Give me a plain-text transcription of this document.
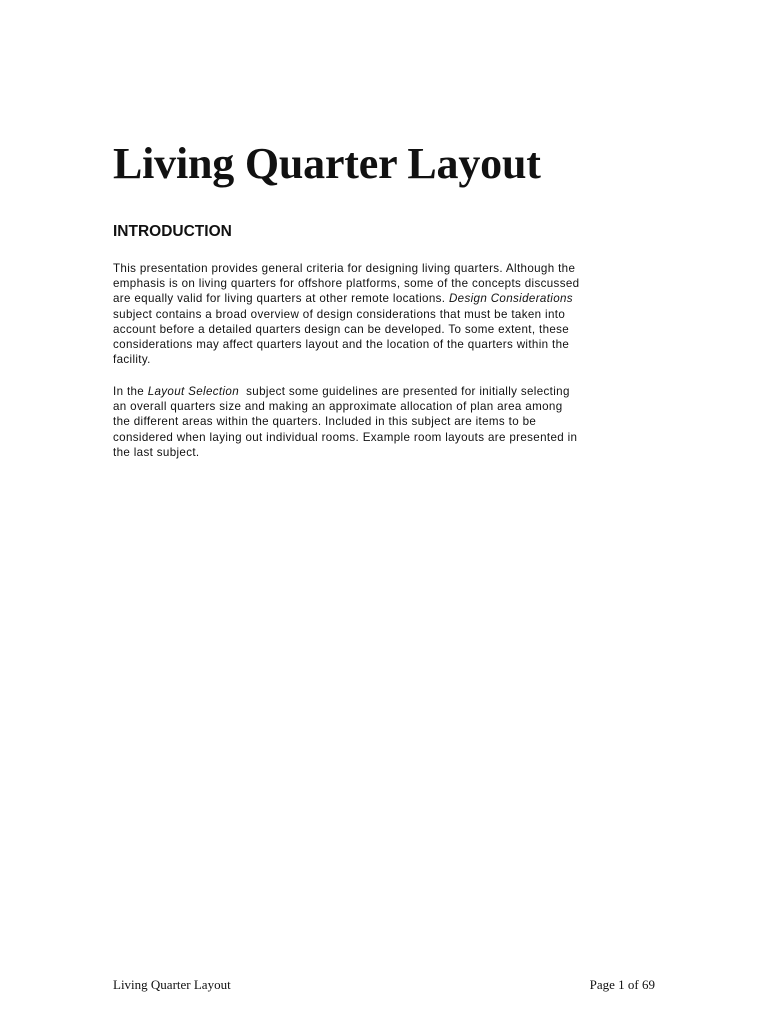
Living Quarter Layout
INTRODUCTION

This presentation provides general criteria for designing living quarters. Although the
emphasis is on living quarters for offshore platforms, some of the concepts discussed
are equally valid for living quarters at other remote locations. Design Considerations
subject contains a broad overview of design considerations that must be taken into
account before a detailed quarters design can be developed. To some extent, these
considerations may affect quarters layout and the location of the quarters within the
facility.

In the Layout Selection  subject some guidelines are presented for initially selecting
an overall quarters size and making an approximate allocation of plan area among
the different areas within the quarters. Included in this subject are items to be
considered when laying out individual rooms. Example room layouts are presented in
the last subject.

Living Quarter Layout	Page 1 of 69
